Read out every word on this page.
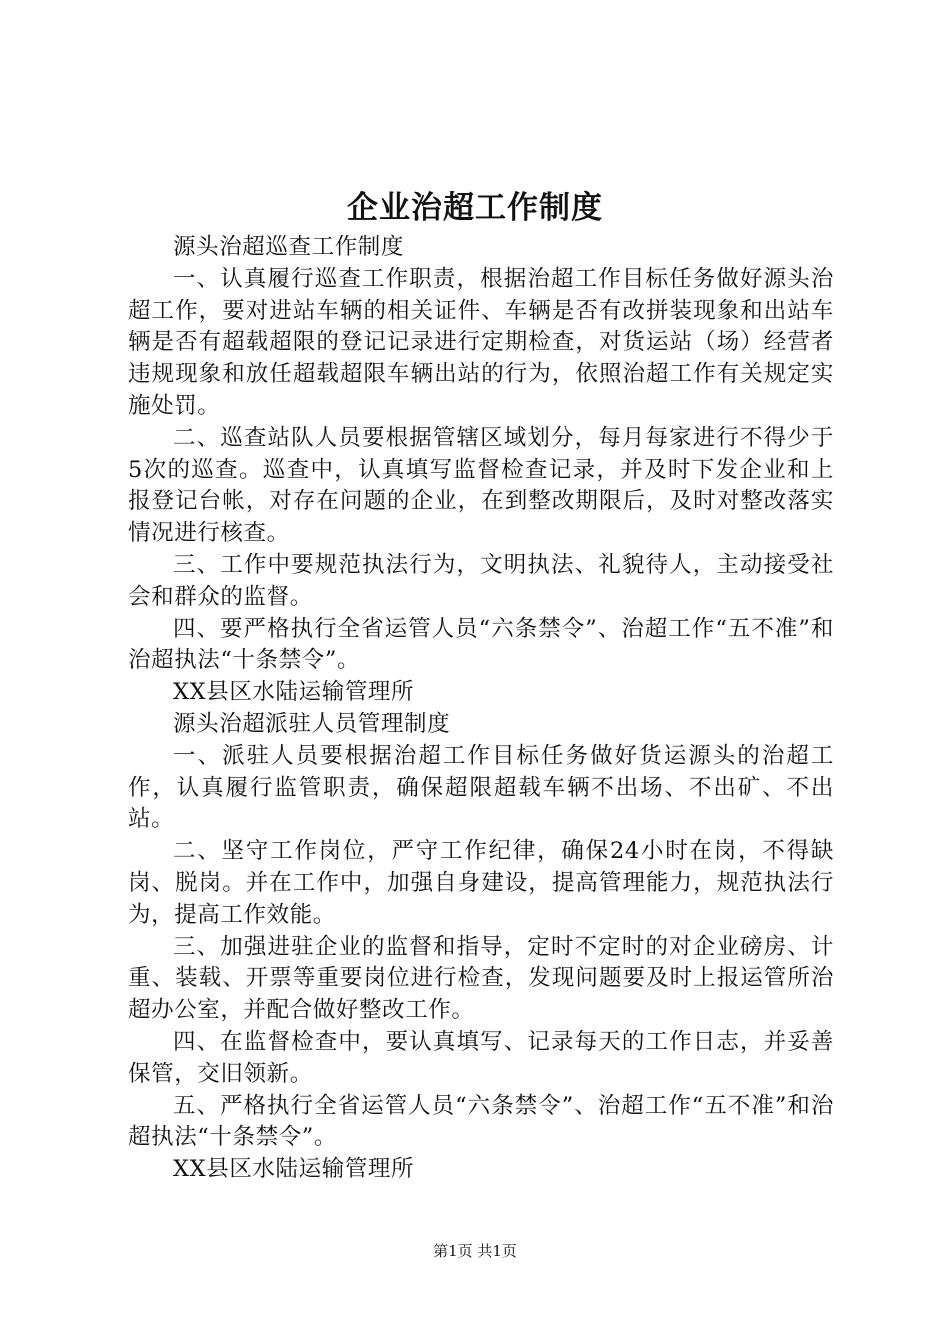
企业治超工作制度

源头治超巡查工作制度

一、认真履行巡查工作职责，根据治超工作目标任务做好源头治超工作，要对进站车辆的相关证件、车辆是否有改拼装现象和出站车辆是否有超载超限的登记记录进行定期检查，对货运站（场）经营者违规现象和放任超载超限车辆出站的行为，依照治超工作有关规定实施处罚。

二、巡查站队人员要根据管辖区域划分，每月每家进行不得少于5次的巡查。巡查中，认真填写监督检查记录，并及时下发企业和上报登记台帐，对存在问题的企业，在到整改期限后，及时对整改落实情况进行核查。

三、工作中要规范执法行为，文明执法、礼貌待人，主动接受社会和群众的监督。

四、要严格执行全省运管人员“六条禁令”、治超工作“五不准”和治超执法“十条禁令”。

XX县区水陆运输管理所

源头治超派驻人员管理制度

一、派驻人员要根据治超工作目标任务做好货运源头的治超工作，认真履行监管职责，确保超限超载车辆不出场、不出矿、不出站。

二、坚守工作岗位，严守工作纪律，确保24小时在岗，不得缺岗、脱岗。并在工作中，加强自身建设，提高管理能力，规范执法行为，提高工作效能。

三、加强进驻企业的监督和指导，定时不定时的对企业磅房、计重、装载、开票等重要岗位进行检查，发现问题要及时上报运管所治超办公室，并配合做好整改工作。

四、在监督检查中，要认真填写、记录每天的工作日志，并妥善保管，交旧领新。

五、严格执行全省运管人员“六条禁令”、治超工作“五不准”和治超执法“十条禁令”。

XX县区水陆运输管理所

第1页 共1页
